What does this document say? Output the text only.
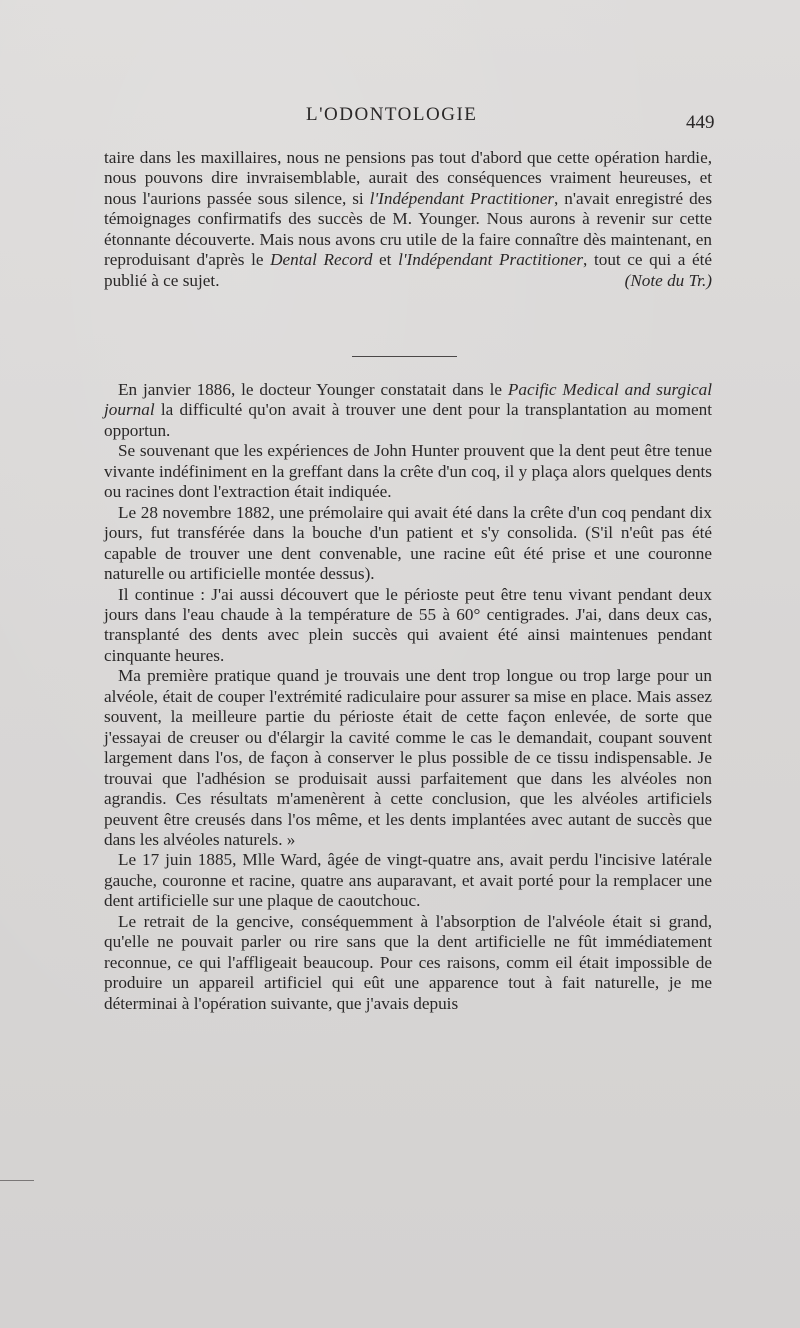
L'ODONTOLOGIE	449

taire dans les maxillaires, nous ne pensions pas tout d'abord que cette opération hardie, nous pouvons dire invraisemblable, aurait des conséquences vraiment heureuses, et nous l'aurions passée sous silence, si l'Indépendant Practitioner, n'avait enregistré des témoignages confirmatifs des succès de M. Younger. Nous aurons à revenir sur cette étonnante découverte. Mais nous avons cru utile de la faire connaître dès maintenant, en reproduisant d'après le Dental Record et l'Indépendant Practitioner, tout ce qui a été publié à ce sujet.	(Note du Tr.)

En janvier 1886, le docteur Younger constatait dans le Pacific Medical and surgical journal la difficulté qu'on avait à trouver une dent pour la transplantation au moment opportun.

Se souvenant que les expériences de John Hunter prouvent que la dent peut être tenue vivante indéfiniment en la greffant dans la crête d'un coq, il y plaça alors quelques dents ou racines dont l'extraction était indiquée.

Le 28 novembre 1882, une prémolaire qui avait été dans la crête d'un coq pendant dix jours, fut transférée dans la bouche d'un patient et s'y consolida. (S'il n'eût pas été capable de trouver une dent convenable, une racine eût été prise et une couronne naturelle ou artificielle montée dessus).

Il continue : J'ai aussi découvert que le périoste peut être tenu vivant pendant deux jours dans l'eau chaude à la température de 55 à 60° centigrades. J'ai, dans deux cas, transplanté des dents avec plein succès qui avaient été ainsi maintenues pendant cinquante heures.

Ma première pratique quand je trouvais une dent trop longue ou trop large pour un alvéole, était de couper l'extrémité radiculaire pour assurer sa mise en place. Mais assez souvent, la meilleure partie du périoste était de cette façon enlevée, de sorte que j'essayai de creuser ou d'élargir la cavité comme le cas le demandait, coupant souvent largement dans l'os, de façon à conserver le plus possible de ce tissu indispensable. Je trouvai que l'adhésion se produisait aussi parfaitement que dans les alvéoles non agrandis. Ces résultats m'amenèrent à cette conclusion, que les alvéoles artificiels peuvent être creusés dans l'os même, et les dents implantées avec autant de succès que dans les alvéoles naturels. »

Le 17 juin 1885, Mlle Ward, âgée de vingt-quatre ans, avait perdu l'incisive latérale gauche, couronne et racine, quatre ans auparavant, et avait porté pour la remplacer une dent artificielle sur une plaque de caoutchouc.

Le retrait de la gencive, conséquemment à l'absorption de l'alvéole était si grand, qu'elle ne pouvait parler ou rire sans que la dent artificielle ne fût immédiatement reconnue, ce qui l'affligeait beaucoup. Pour ces raisons, comm eil était impossible de produire un appareil artificiel qui eût une apparence tout à fait naturelle, je me déterminai à l'opération suivante, que j'avais depuis
